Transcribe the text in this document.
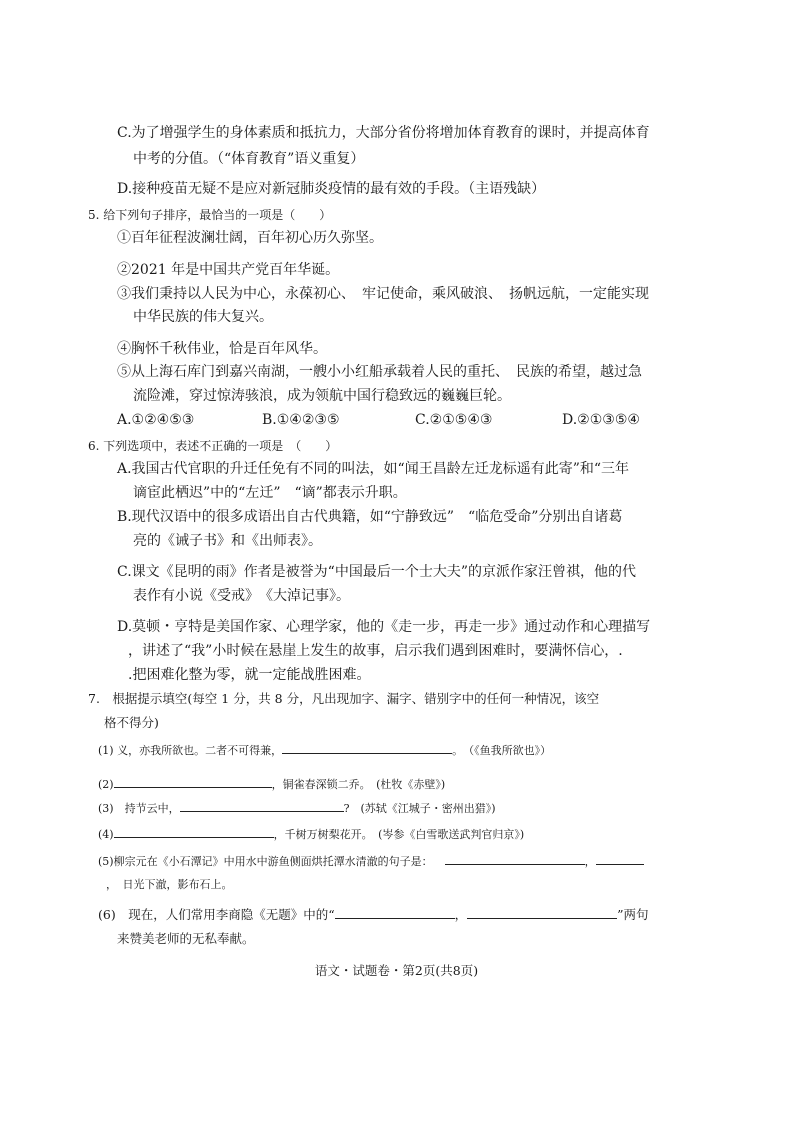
C.为了增强学生的身体素质和抵抗力，大部分省份将增加体育教育的课时，并提高体育
中考的分值。（“体育教育”语义重复）
D.接种疫苗无疑不是应对新冠肺炎疫情的最有效的手段。（主语残缺）
5. 给下列句子排序，最恰当的一项是（　　）
①百年征程波澜壮阔，百年初心历久弥坚。
②2021 年是中国共产党百年华诞。
③我们秉持以人民为中心，永葆初心、　牢记使命，乘风破浪、　扬帆远航，一定能实现
中华民族的伟大复兴。
④胸怀千秋伟业，恰是百年风华。
⑤从上海石库门到嘉兴南湖，一艘小小红船承载着人民的重托、　民族的希望，越过急
流险滩，穿过惊涛骇浪，成为领航中国行稳致远的巍巍巨轮。
A.①②④⑤③	B.①④②③⑤	C.②①⑤④③	D.②①③⑤④
6. 下列选项中，表述不正确的一项是　（　　）
A.我国古代官职的升迁任免有不同的叫法，如“闻王昌龄左迁龙标遥有此寄”和“三年
谪宦此栖迟”中的“左迁”　“谪”都表示升职。
B.现代汉语中的很多成语出自古代典籍，如“宁静致远”　“临危受命”分别出自诸葛
亮的《诫子书》和《出师表》。
C.课文《昆明的雨》作者是被誉为“中国最后一个士大夫”的京派作家汪曾祺，他的代
表作有小说《受戒》　《大淖记事》。
D.莫顿・亨特是美国作家、心理学家，他的《走一步，再走一步》通过动作和心理描写
，讲述了“我”小时候在悬崖上发生的故事，启示我们遇到困难时，要满怀信心，.
.把困难化整为零，就一定能战胜困难。
7.　根据提示填空(每空 1 分，共 8 分，凡出现加字、漏字、错别字中的任何一种情况，该空
格不得分)
(1) 义，亦我所欲也。二者不可得兼，	。　（《鱼我所欲也》）
(2)	，铜雀春深锁二乔。　(杜牧《赤壁》)
(3)　持节云中，	?　(苏轼《江城子・密州出猎》)
(4)	，千树万树梨花开。　(岑参《白雪歌送武判官归京》)
(5)柳宗元在《小石潭记》中用水中游鱼侧面烘托潭水清澈的句子是：	，
，　日光下澈，影布石上。
(6)　现在，人们常用李商隐《无题》中的“	，	”两句
来赞美老师的无私奉献。
语文・试题卷・第2页(共8页)
